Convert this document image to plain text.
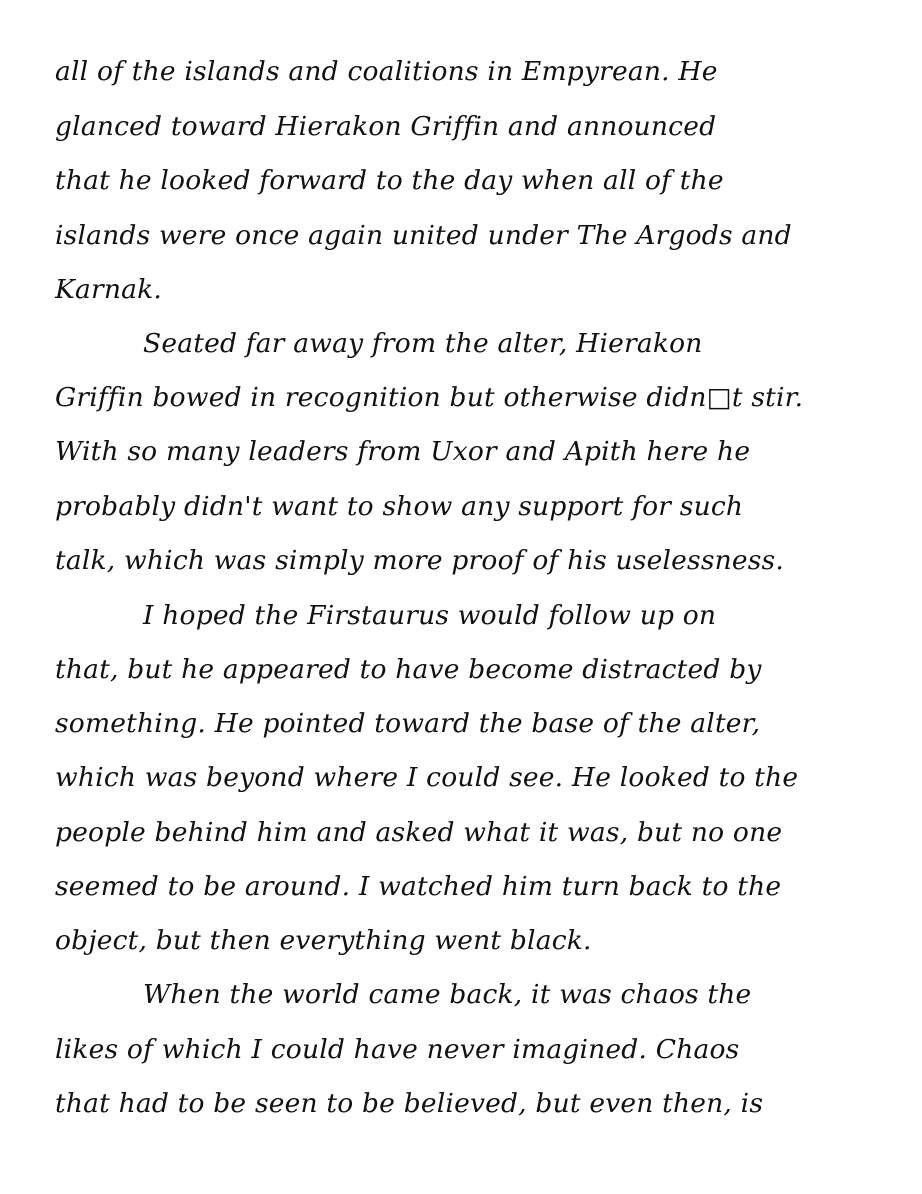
all of the islands and coalitions in Empyrean. He
glanced toward Hierakon Griffin and announced
that he looked forward to the day when all of the
islands were once again united under The Argods and
Karnak.
Seated far away from the alter, Hierakon
Griffin bowed in recognition but otherwise didn□t stir.
With so many leaders from Uxor and Apith here he
probably didn't want to show any support for such
talk, which was simply more proof of his uselessness.
I hoped the Firstaurus would follow up on
that, but he appeared to have become distracted by
something. He pointed toward the base of the alter,
which was beyond where I could see. He looked to the
people behind him and asked what it was, but no one
seemed to be around. I watched him turn back to the
object, but then everything went black.
When the world came back, it was chaos the
likes of which I could have never imagined. Chaos
that had to be seen to be believed, but even then, is
